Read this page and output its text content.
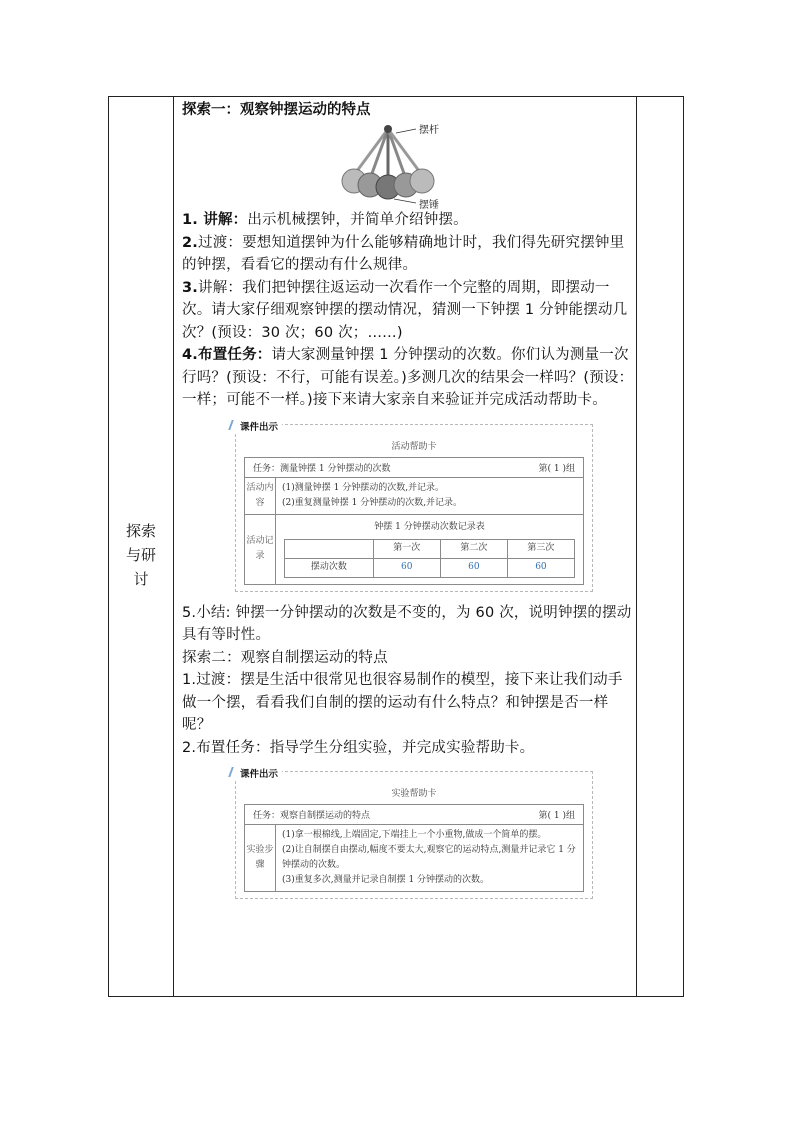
探索与研讨
探索一：观察钟摆运动的特点
摆杆
摆锤

1. 讲解：出示机械摆钟，并简单介绍钟摆。

2.过渡：要想知道摆钟为什么能够精确地计时，我们得先研究摆钟里的钟摆，看看它的摆动有什么规律。

3.讲解：我们把钟摆往返运动一次看作一个完整的周期，即摆动一次。请大家仔细观察钟摆的摆动情况，猜测一下钟摆 1 分钟能摆动几次？(预设：30 次；60 次；……)

4.布置任务：请大家测量钟摆 1 分钟摆动的次数。你们认为测量一次行吗？(预设：不行，可能有误差。)多测几次的结果会一样吗？(预设：一样；可能不一样。)接下来请大家亲自来验证并完成活动帮助卡。

课件出示
活动帮助卡
任务：测量钟摆 1 分钟摆动的次数	第( 1 )组
活动内容
(1)测量钟摆 1 分钟摆动的次数,并记录。
(2)重复测量钟摆 1 分钟摆动的次数,并记录。
活动记录
钟摆 1 分钟摆动次数记录表
	第一次	第二次	第三次
摆动次数	60	60	60

5.小结: 钟摆一分钟摆动的次数是不变的，为 60 次，说明钟摆的摆动具有等时性。

探索二：观察自制摆运动的特点

1.过渡：摆是生活中很常见也很容易制作的模型，接下来让我们动手做一个摆，看看我们自制的摆的运动有什么特点？和钟摆是否一样呢？

2.布置任务：指导学生分组实验，并完成实验帮助卡。

课件出示
实验帮助卡
任务：观察自制摆运动的特点	第( 1 )组
实验步骤
(1)拿一根棉线,上端固定,下端挂上一个小重物,做成一个简单的摆。
(2)让自制摆自由摆动,幅度不要太大,观察它的运动特点,测量并记录它 1 分钟摆动的次数。
(3)重复多次,测量并记录自制摆 1 分钟摆动的次数。
